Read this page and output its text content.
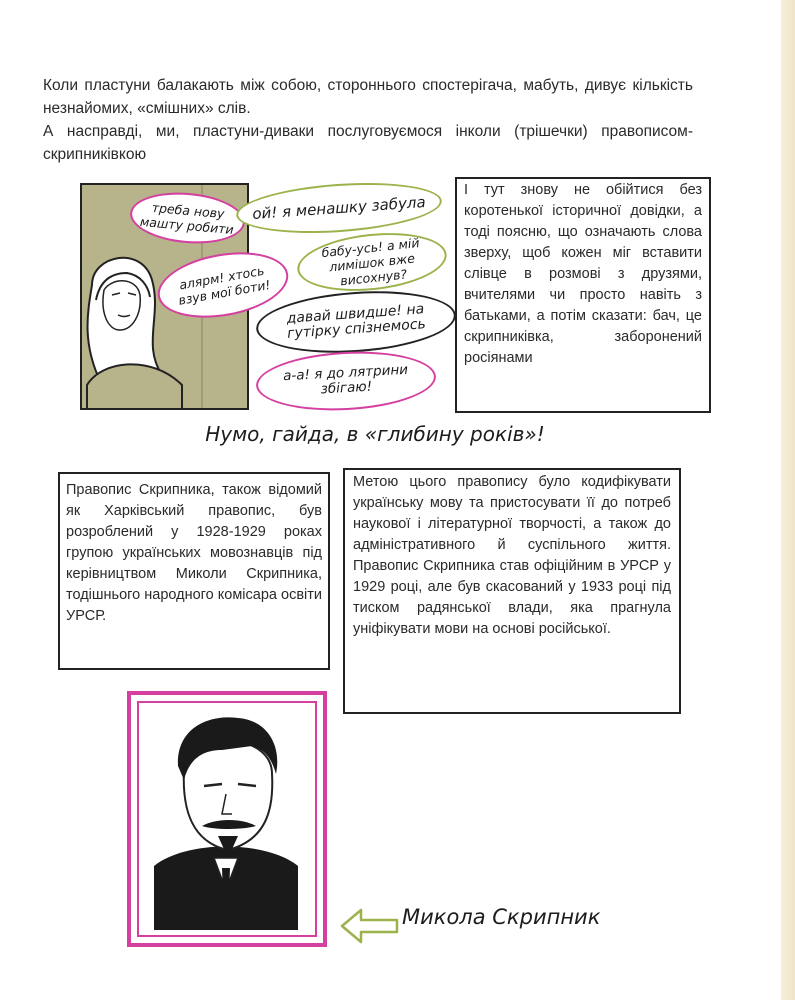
Коли пластуни балакають між собою, стороннього спостерігача, мабуть, дивує кількість незнайомих, «смішних» слів.

А насправді, ми, пластуни-диваки послуговуємося інколи (трішечки) правописом-скрипниківкою

треба нову машту робити
ой! я менашку забула
алярм! хтось взув мої боти!
бабу-усь! а мій лимішок вже висохнув?
давай швидше! на гутірку спізнемось
а-а! я до лятрини збігаю!
І тут знову не обійтися без коротенької історичної довідки, а тоді поясню, що означають слова зверху, щоб кожен міг вставити слівце в розмові з друзями, вчителями чи просто навіть з батьками, а потім сказати: бач, це скрипниківка, заборонений росіянами
Нумо, гайда, в «глибину років»!
Правопис Скрипника, також відомий як Харківський правопис, був розроблений у 1928-1929 роках групою українських мовознавців під керівництвом Миколи Скрипника, тодішнього народного комісара освіти УРСР.
Метою цього правопису було кодифікувати українську мову та пристосувати її до потреб наукової і літературної творчості, а також до адміністративного й суспільного життя. Правопис Скрипника став офіційним в УРСР у 1929 році, але був скасований у 1933 році під тиском радянської влади, яка прагнула уніфікувати мови на основі російської.
Микола Скрипник
